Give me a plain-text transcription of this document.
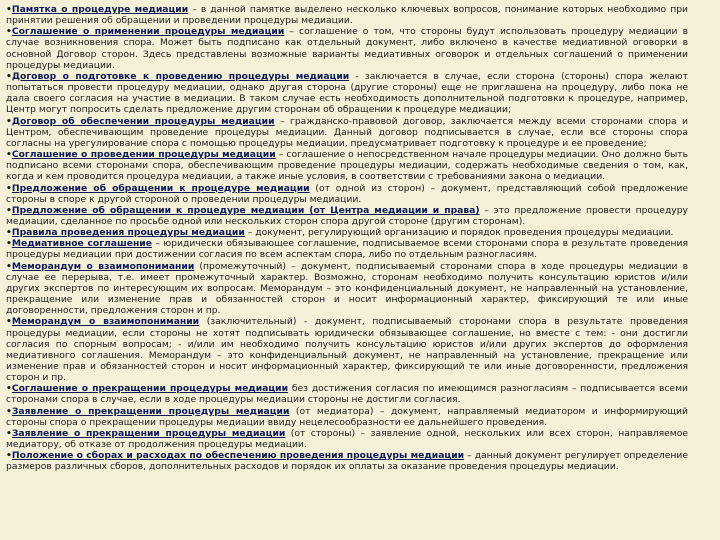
•Памятка о процедуре медиации – в данной памятке выделено несколько ключевых вопросов, понимание которых необходимо при принятии решения об обращении и проведении процедуры медиации.

•Соглашение о применении процедуры медиации – соглашение о том, что стороны будут использовать процедуру медиации в случае возникновения спора. Может быть подписано как отдельный документ, либо включено в качестве медиативной оговорки в основной Договор сторон. Здесь представлены возможные варианты медиативных оговорок и отдельных соглашений о применении процедуры медиации.

•Договор о подготовке к проведению процедуры медиации - заключается в случае, если сторона (стороны) спора желают попытаться провести процедуру медиации, однако другая сторона (другие стороны) еще не приглашена на процедуру, либо пока не дала своего согласия на участие в медиации. В таком случае есть необходимость дополнительной подготовки к процедуре, например, Центр могут попросить сделать предложение другим сторонам об обращении к процедуре медиации;

•Договор об обеспечении процедуры медиации – гражданско-правовой договор, заключается между всеми сторонами спора и Центром, обеспечивающим проведение процедуры медиации. Данный договор подписывается в случае, если все стороны спора согласны на урегулирование спора с помощью процедуры медиации, предусматривает подготовку к процедуре и ее проведение;

•Соглашение о проведении процедуры медиации – соглашение о непосредственном начале процедуры медиации. Оно должно быть подписано всеми сторонами спора, обеспечивающим проведение процедуры медиации, содержать необходимые сведения о том, как, когда и кем проводится процедура медиации, а также иные условия, в соответствии с требованиями закона о медиации.

•Предложение об обращении к процедуре медиации (от одной из сторон) – документ, представляющий собой предложение стороны в споре к другой стороной о проведении процедуры медиации.

•Предложение об обращении к процедуре медиации (от Центра медиации и права) – это предложение провести процедуру медиации, сделанное по просьбе одной или нескольких сторон спора другой стороне (другим сторонам).

•Правила проведения процедуры медиации – документ, регулирующий организацию и порядок проведения процедуры медиации.

•Медиативное соглашение – юридически обязывающее соглашение, подписываемое всеми сторонами спора в результате проведения процедуры медиации при достижении согласия по всем аспектам спора, либо по отдельным разногласиям.

•Меморандум о взаимопонимании (промежуточный) – документ, подписываемый сторонами спора в ходе процедуры медиации в случае ее перерыва, т.е. имеет промежуточный характер. Возможно, сторонам необходимо получить консультацию юристов и/или других экспертов по интересующим их вопросам. Меморандум – это конфиденциальный документ, не направленный на установление, прекращение или изменение прав и обязанностей сторон и носит информационный характер, фиксирующий те или иные договоренности, предложения сторон и пр.

•Меморандум о взаимопонимании (заключительный) - документ, подписываемый сторонами спора в результате проведения процедуры медиации, если стороны не хотят подписывать юридически обязывающее соглашение, но вместе с тем: - они достигли согласия по спорным вопросам; - и/или им необходимо получить консультацию юристов и/или других экспертов до оформления медиативного соглашения. Меморандум – это конфиденциальный документ, не направленный на установление, прекращение или изменение прав и обязанностей сторон и носит информационный характер, фиксирующий те или иные договоренности, предложения сторон и пр.

•Соглашение о прекращении процедуры медиации без достижения согласия по имеющимся разногласиям – подписывается всеми сторонами спора в случае, если в ходе процедуры медиации стороны не достигли согласия.

•Заявление о прекращении процедуры медиации (от медиатора) – документ, направляемый медиатором и информирующий стороны спора о прекращении процедуры медиации ввиду нецелесообразности ее дальнейшего проведения.

•Заявление о прекращении процедуры медиации (от стороны) – заявление одной, нескольких или всех сторон, направляемое медиатору, об отказе от продолжения процедуры медиации.

•Положение о сборах и расходах по обеспечению проведения процедуры медиации – данный документ регулирует определение размеров различных сборов, дополнительных расходов и порядок их оплаты за оказание проведения процедуры медиации.
